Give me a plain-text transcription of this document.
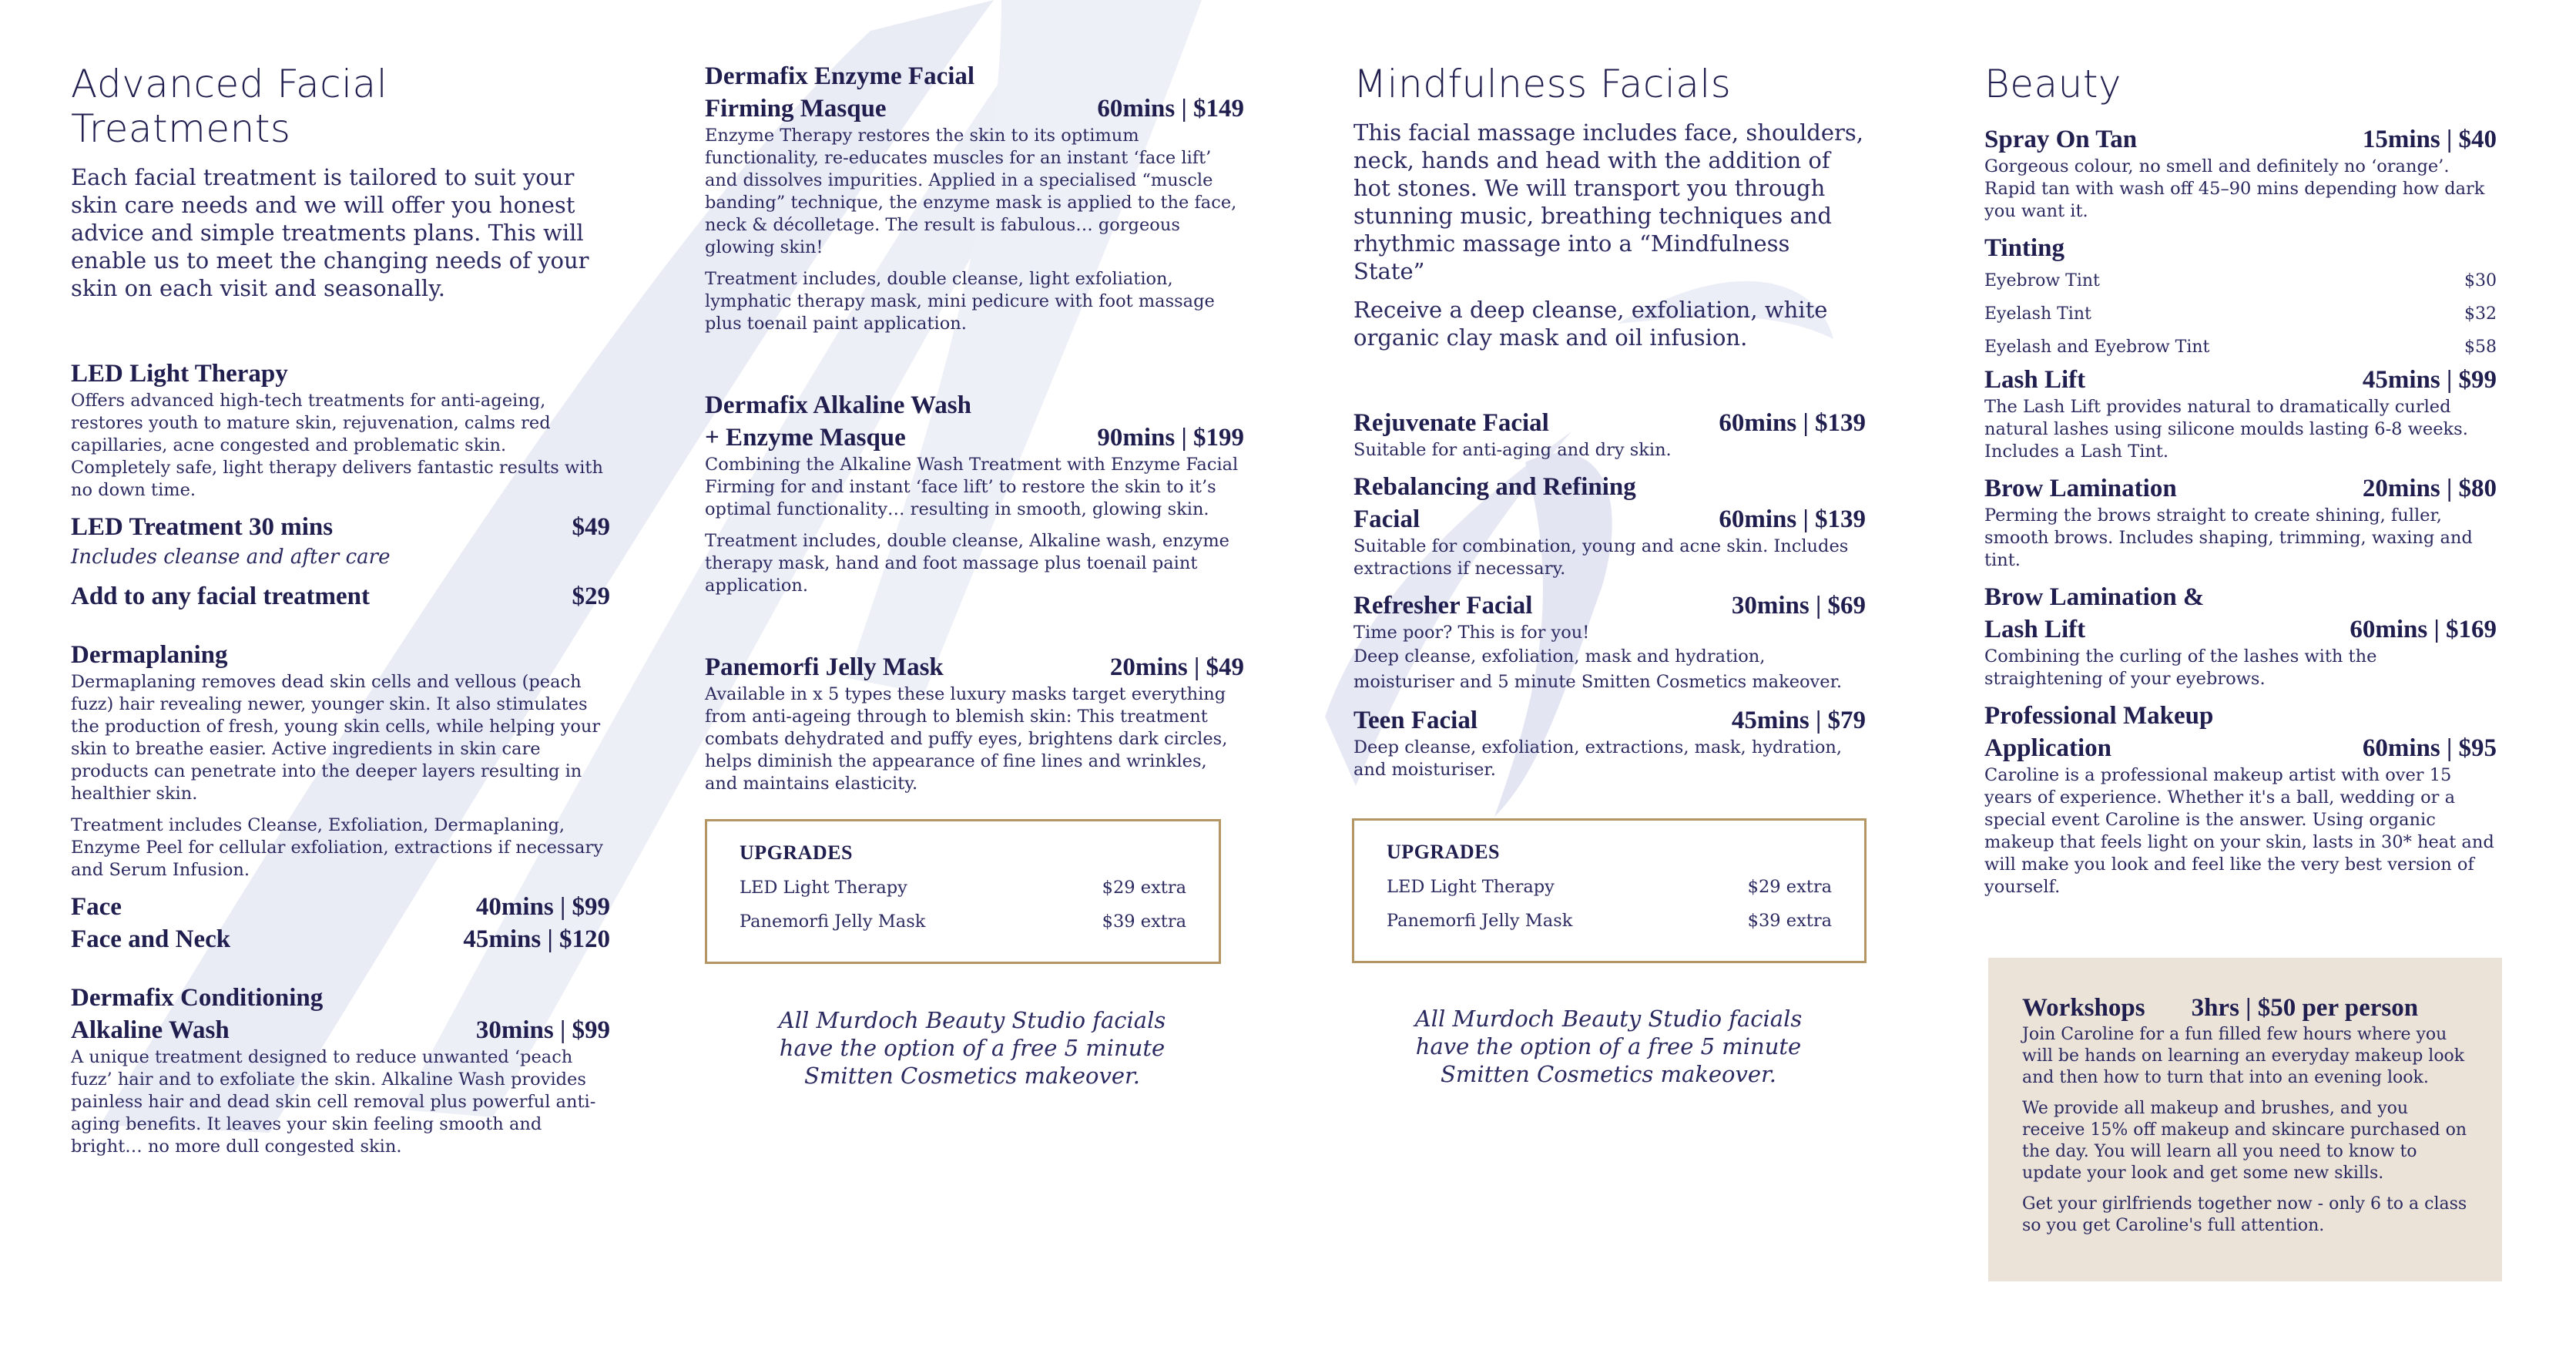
Advanced Facial Treatments
Each facial treatment is tailored to suit your skin care needs and we will offer you honest advice and simple treatments plans. This will enable us to meet the changing needs of your skin on each visit and seasonally.
LED Light Therapy
Offers advanced high-tech treatments for anti-ageing, restores youth to mature skin, rejuvenation, calms red capillaries, acne congested and problematic skin. Completely safe, light therapy delivers fantastic results with no down time.
LED Treatment 30 mins	$49
Includes cleanse and after care
Add to any facial treatment	$29
Dermaplaning
Dermaplaning removes dead skin cells and vellous (peach fuzz) hair revealing newer, younger skin. It also stimulates the production of fresh, young skin cells, while helping your skin to breathe easier. Active ingredients in skin care products can penetrate into the deeper layers resulting in healthier skin.
Treatment includes Cleanse, Exfoliation, Dermaplaning, Enzyme Peel for cellular exfoliation, extractions if necessary and Serum Infusion.
Face	40mins | $99
Face and Neck	45mins | $120
Dermafix Conditioning
Alkaline Wash	30mins | $99
A unique treatment designed to reduce unwanted ‘peach fuzz’ hair and to exfoliate the skin. Alkaline Wash provides painless hair and dead skin cell removal plus powerful anti-aging benefits. It leaves your skin feeling smooth and bright… no more dull congested skin.
Dermafix Enzyme Facial
Firming Masque	60mins | $149
Enzyme Therapy restores the skin to its optimum functionality, re-educates muscles for an instant ‘face lift’ and dissolves impurities. Applied in a specialised “muscle banding” technique, the enzyme mask is applied to the face, neck & décolletage. The result is fabulous… gorgeous glowing skin!
Treatment includes, double cleanse, light exfoliation, lymphatic therapy mask, mini pedicure with foot massage plus toenail paint application.
Dermafix Alkaline Wash
+ Enzyme Masque	90mins | $199
Combining the Alkaline Wash Treatment with Enzyme Facial Firming for and instant ‘face lift’ to restore the skin to it’s optimal functionality… resulting in smooth, glowing skin.
Treatment includes, double cleanse, Alkaline wash, enzyme therapy mask, hand and foot massage plus toenail paint application.
Panemorfi Jelly Mask	20mins | $49
Available in x 5 types these luxury masks target everything from anti-ageing through to blemish skin: This treatment combats dehydrated and puffy eyes, brightens dark circles, helps diminish the appearance of fine lines and wrinkles, and maintains elasticity.
UPGRADES
LED Light Therapy	$29 extra
Panemorfi Jelly Mask	$39 extra
All Murdoch Beauty Studio facials have the option of a free 5 minute Smitten Cosmetics makeover.
Mindfulness Facials
This facial massage includes face, shoulders, neck, hands and head with the addition of hot stones. We will transport you through stunning music, breathing techniques and rhythmic massage into a “Mindfulness State”
Receive a deep cleanse, exfoliation, white organic clay mask and oil infusion.
Rejuvenate Facial	60mins | $139
Suitable for anti-aging and dry skin.
Rebalancing and Refining
Facial	60mins | $139
Suitable for combination, young and acne skin. Includes extractions if necessary.
Refresher Facial	30mins | $69
Time poor? This is for you!
Deep cleanse, exfoliation, mask and hydration, moisturiser and 5 minute Smitten Cosmetics makeover.
Teen Facial	45mins | $79
Deep cleanse, exfoliation, extractions, mask, hydration, and moisturiser.
UPGRADES
LED Light Therapy	$29 extra
Panemorfi Jelly Mask	$39 extra
All Murdoch Beauty Studio facials have the option of a free 5 minute Smitten Cosmetics makeover.
Beauty
Spray On Tan	15mins | $40
Gorgeous colour, no smell and definitely no ‘orange’. Rapid tan with wash off 45–90 mins depending how dark you want it.
Tinting
Eyebrow Tint	$30
Eyelash Tint	$32
Eyelash and Eyebrow Tint	$58
Lash Lift	45mins | $99
The Lash Lift provides natural to dramatically curled natural lashes using silicone moulds lasting 6-8 weeks. Includes a Lash Tint.
Brow Lamination	20mins | $80
Perming the brows straight to create shining, fuller, smooth brows. Includes shaping, trimming, waxing and tint.
Brow Lamination &
Lash Lift	60mins | $169
Combining the curling of the lashes with the straightening of your eyebrows.
Professional Makeup
Application	60mins | $95
Caroline is a professional makeup artist with over 15 years of experience. Whether it's a ball, wedding or a special event Caroline is the answer. Using organic makeup that feels light on your skin, lasts in 30* heat and will make you look and feel like the very best version of yourself.
Workshops 3hrs | $50 per person
Join Caroline for a fun filled few hours where you will be hands on learning an everyday makeup look and then how to turn that into an evening look.
We provide all makeup and brushes, and you receive 15% off makeup and skincare purchased on the day. You will learn all you need to know to update your look and get some new skills.
Get your girlfriends together now - only 6 to a class so you get Caroline's full attention.
